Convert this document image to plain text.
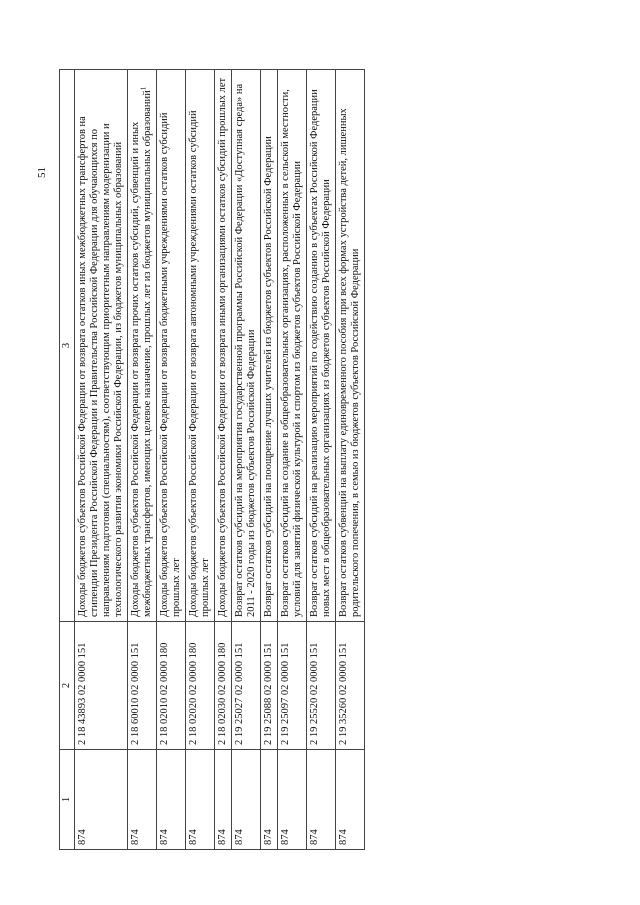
51
1	2	3
874	2 18 43893 02 0000 151	Доходы бюджетов субъектов Российской Федерации от возврата остатков иных межбюджетных трансфертов на стипендии Президента Российской Федерации и Правительства Российской Федерации для обучающихся по направлениям подготовки (специальностям), соответствующим приоритетным направлениям модернизации и технологического развития экономики Российской Федерации, из бюджетов муниципальных образований
874	2 18 60010 02 0000 151	Доходы бюджетов субъектов Российской Федерации от возврата прочих остатков субсидий, субвенций и иных межбюджетных трансфертов, имеющих целевое назначение, прошлых лет из бюджетов муниципальных образований$^1$
874	2 18 02010 02 0000 180	Доходы бюджетов субъектов Российской Федерации от возврата бюджетными учреждениями остатков субсидий прошлых лет
874	2 18 02020 02 0000 180	Доходы бюджетов субъектов Российской Федерации от возврата автономными учреждениями остатков субсидий прошлых лет
874	2 18 02030 02 0000 180	Доходы бюджетов субъектов Российской Федерации от возврата иными организациями остатков субсидий прошлых лет
874	2 19 25027 02 0000 151	Возврат остатков субсидий на мероприятия государственной программы Российской Федерации «Доступная среда» на 2011 - 2020 годы из бюджетов субъектов Российской Федерации
874	2 19 25088 02 0000 151	Возврат остатков субсидий на поощрение лучших учителей из бюджетов субъектов Российской Федерации
874	2 19 25097 02 0000 151	Возврат остатков субсидий на создание в общеобразовательных организациях, расположенных в сельской местности, условий для занятий физической культурой и спортом из бюджетов субъектов Российской Федерации
874	2 19 25520 02 0000 151	Возврат остатков субсидий на реализацию мероприятий по содействию созданию в субъектах Российской Федерации новых мест в общеобразовательных организациях из бюджетов субъектов Российской Федерации
874	2 19 35260 02 0000 151	Возврат остатков субвенций на выплату единовременного пособия при всех формах устройства детей, лишенных родительского попечения, в семью из бюджетов субъектов Российской Федерации
